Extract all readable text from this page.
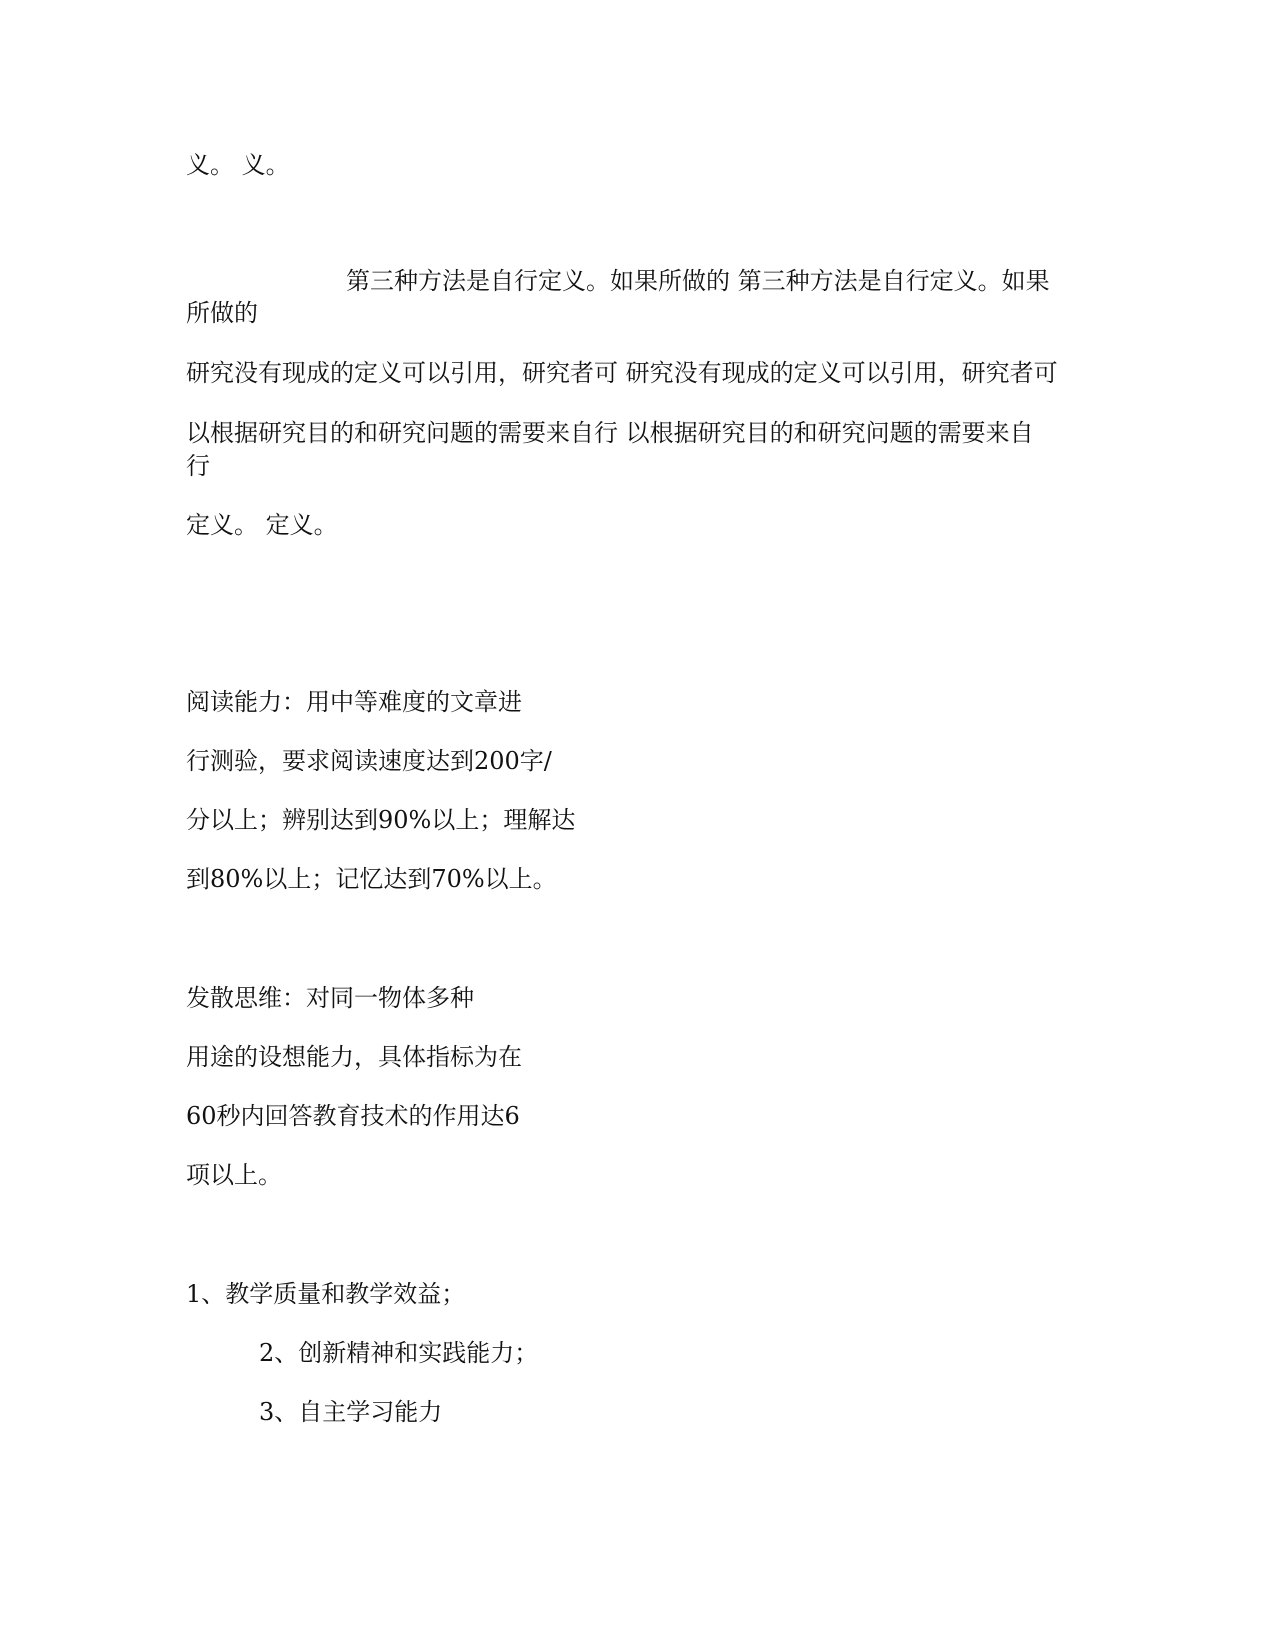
义。 义。

第三种方法是自行定义。如果所做的 第三种方法是自行定义。如果

所做的

研究没有现成的定义可以引用，研究者可 研究没有现成的定义可以引用，研究者可

以根据研究目的和研究问题的需要来自行 以根据研究目的和研究问题的需要来自

行

定义。 定义。

阅读能力：用中等难度的文章进

行测验，要求阅读速度达到200字/

分以上；辨别达到90%以上；理解达

到80%以上；记忆达到70%以上。

发散思维：对同一物体多种

用途的设想能力，具体指标为在

60秒内回答教育技术的作用达6

项以上。

1、教学质量和教学效益；

2、创新精神和实践能力；

3、自主学习能力
